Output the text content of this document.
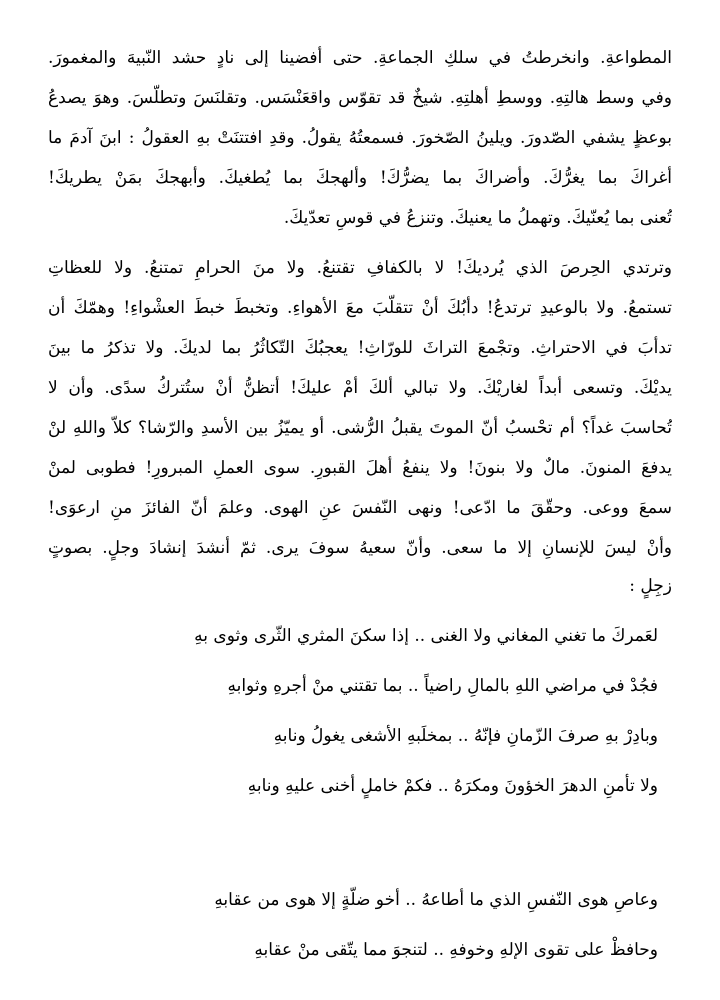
المطواعةِ. وانخرطتُ في سلكِ الجماعةِ. حتى أفضينا إلى نادٍ حشد النّبيهَ والمغمورَ.
وفي وسط هالتِهِ. ووسطِ أهلتِهِ. شيخٌ قد تقوّس واقعَنْسَس. وتقلنَسَ وتطلّسَ. وهوَ يصدعُ
بوعظٍ يشفي الصّدورَ. ويلينُ الصّخورَ. فسمعتُهُ يقولُ. وقدِ افتتنَتْ بهِ العقولُ : ابنَ آدمَ ما
أغراكَ بما يغرُّكَ. وأضراكَ بما يضرُّكَ! وألهجكَ بما يُطغيكَ. وأبهجكَ بمَنْ يطريكَ!
تُعنى بما يُعنّيكَ. وتهملُ ما يعنيكَ. وتنزعُ في قوسِ تعدّيكَ.
وترتدي الحِرصَ الذي يُرديكَ! لا بالكفافِ تقتنعُ. ولا منَ الحرامِ تمتنعُ. ولا للعظاتِ
تستمعُ. ولا بالوعيدِ ترتدعُ! دأبُكَ أنْ تتقلّبَ معَ الأهواءِ. وتخبطَ خبطَ العشْواءِ! وهمّكَ أن
تدأبَ في الاحتراثِ. وتجْمعَ التراثَ للورّاثِ! يعجبُكَ التّكاثُرُ بما لديكَ. ولا تذكرُ ما بينَ
يديْكَ. وتسعى أبداً لغاريْكَ. ولا تبالي ألكَ أمْ عليكَ! أتظنُّ أنْ ستُتركُ سدًى. وأن لا
تُحاسبَ غداً؟ أم تحْسبُ أنّ الموتَ يقبلُ الرُّشى. أو يميّزُ بين الأسدِ والرّشا؟ كلاّ واللهِ لنْ
يدفعَ المنونَ. مالٌ ولا بنونَ! ولا ينفعُ أهلَ القبورِ. سوى العملِ المبرورِ! فطوبى لمنْ
سمعَ ووعى. وحقّقَ ما ادّعى! ونهى النّفسَ عنِ الهوى. وعلمَ أنّ الفائزَ منِ ارعوَى!
وأنْ ليسَ للإنسانِ إلا ما سعى. وأنّ سعيهُ سوفَ يرى. ثمّ أنشدَ إنشادَ وجلٍ. بصوتٍ
زجِلٍ :
لعَمركَ ما تغني المغاني ولا الغنى .. إذا سكنَ المثري الثّرى وثوى بهِ
فجُدْ في مراضي اللهِ بالمالِ راضياً .. بما تقتني منْ أجرهِ وثوابهِ
وبادِرْ بهِ صرفَ الزّمانِ فإنّهُ .. بمخلَبهِ الأشغى يغولُ ونابهِ
ولا تأمنِ الدهرَ الخؤونَ ومكرَهُ .. فكمْ خاملٍ أخنى عليهِ ونابهِ
وعاصِ هوى النّفسِ الذي ما أطاعهُ .. أخو ضلّةٍ إلا هوى من عقابهِ
وحافظْ على تقوى الإلهِ وخوفهِ .. لتنجوَ مما يتّقى منْ عقابهِ
